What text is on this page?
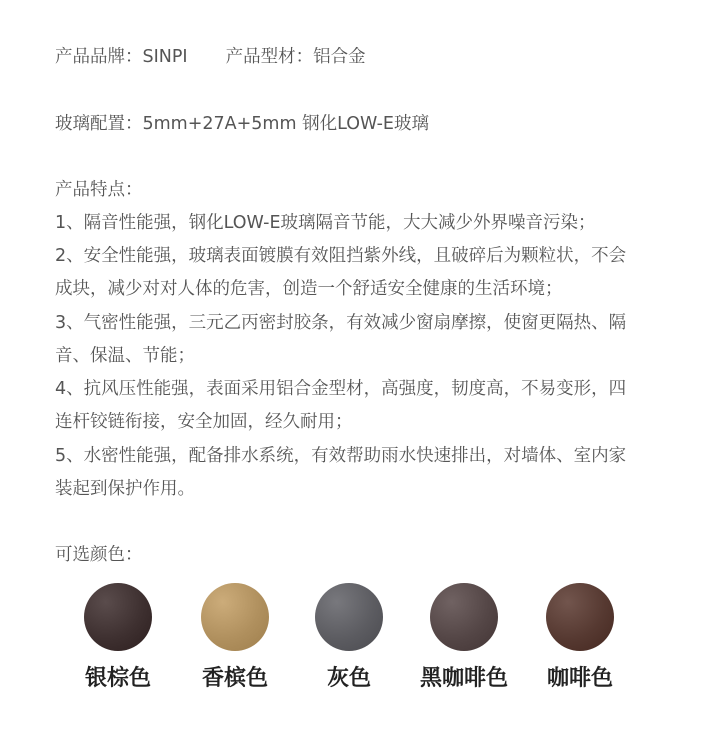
产品品牌：SINPI 产品型材：铝合金
玻璃配置：5mm+27A+5mm 钢化LOW-E玻璃
产品特点：
1、隔音性能强，钢化LOW-E玻璃隔音节能，大大减少外界噪音污染；
2、安全性能强，玻璃表面镀膜有效阻挡紫外线，且破碎后为颗粒状，不会
成块，减少对对人体的危害，创造一个舒适安全健康的生活环境；
3、气密性能强，三元乙丙密封胶条，有效减少窗扇摩擦，使窗更隔热、隔
音、保温、节能；
4、抗风压性能强，表面采用铝合金型材，高强度，韧度高，不易变形，四
连杆铰链衔接，安全加固，经久耐用；
5、水密性能强，配备排水系统，有效帮助雨水快速排出，对墙体、室内家
装起到保护作用。
可选颜色：
银棕色	香槟色	灰色	黑咖啡色	咖啡色
